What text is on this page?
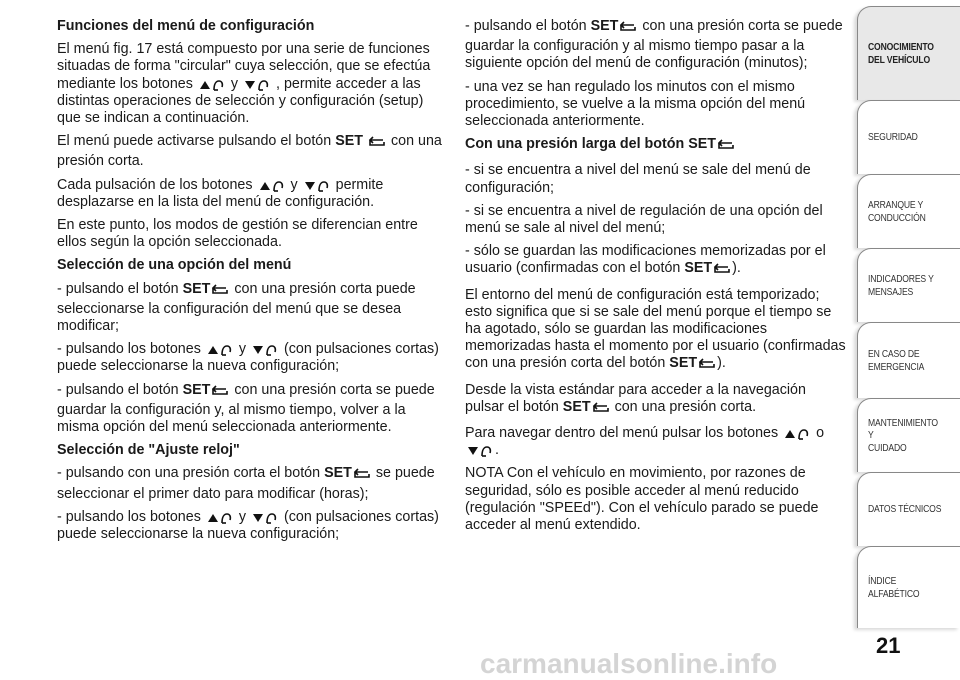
Funciones del menú de configuración

El menú fig. 17 está compuesto por una serie de funciones situadas de forma "circular" cuya selección, que se efectúa mediante los botones	y	, permite acceder a las distintas operaciones de selección y configuración (setup) que se indican a continuación.

El menú puede activarse pulsando el botón SET con una presión corta.

Cada pulsación de los botones	y	permite desplazarse en la lista del menú de configuración.

En este punto, los modos de gestión se diferencian entre ellos según la opción seleccionada.

Selección de una opción del menú

- pulsando el botón SET con una presión corta puede seleccionarse la configuración del menú que se desea modificar;

- pulsando los botones	y	(con pulsaciones cortas) puede seleccionarse la nueva configuración;

- pulsando el botón SET con una presión corta se puede guardar la configuración y, al mismo tiempo, volver a la misma opción del menú seleccionada anteriormente.

Selección de "Ajuste reloj"

- pulsando con una presión corta el botón SET se puede seleccionar el primer dato para modificar (horas);

- pulsando los botones	y	(con pulsaciones cortas) puede seleccionarse la nueva configuración;

- pulsando el botón SET con una presión corta se puede guardar la configuración y al mismo tiempo pasar a la siguiente opción del menú de configuración (minutos);

- una vez se han regulado los minutos con el mismo procedimiento, se vuelve a la misma opción del menú seleccionada anteriormente.

Con una presión larga del botón SET

- si se encuentra a nivel del menú se sale del menú de configuración;

- si se encuentra a nivel de regulación de una opción del menú se sale al nivel del menú;

- sólo se guardan las modificaciones memorizadas por el usuario (confirmadas con el botón SET ).

El entorno del menú de configuración está temporizado; esto significa que si se sale del menú porque el tiempo se ha agotado, sólo se guardan las modificaciones memorizadas hasta el momento por el usuario (confirmadas con una presión corta del botón SET ).

Desde la vista estándar para acceder a la navegación pulsar el botón SET con una presión corta.

Para navegar dentro del menú pulsar los botones	o
.

NOTA Con el vehículo en movimiento, por razones de seguridad, sólo es posible acceder al menú reducido (regulación "SPEEd"). Con el vehículo parado se puede acceder al menú extendido.

CONOCIMIENTO
DEL VEHÍCULO
SEGURIDAD
ARRANQUE Y
CONDUCCIÓN
INDICADORES Y
MENSAJES
EN CASO DE
EMERGENCIA
MANTENIMIENTO Y
CUIDADO
DATOS TÉCNICOS
ÍNDICE ALFABÉTICO
21
carmanualsonline.info
